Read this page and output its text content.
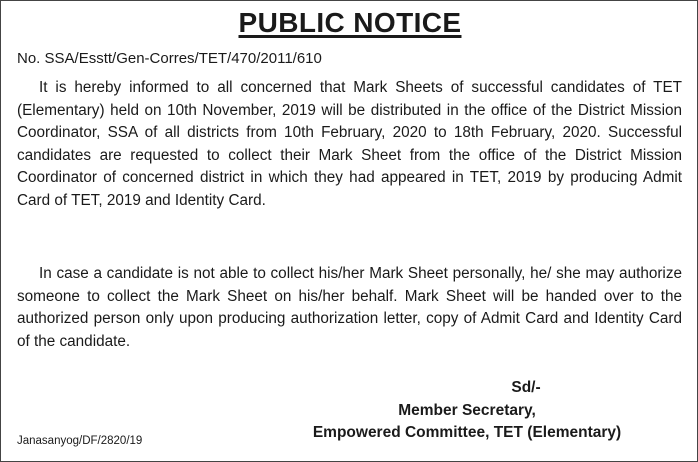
PUBLIC NOTICE
No. SSA/Esstt/Gen-Corres/TET/470/2011/610

It is hereby informed to all concerned that Mark Sheets of successful candidates of TET (Elementary) held on 10th November, 2019 will be distributed in the office of the District Mission Coordinator, SSA of all districts from 10th February, 2020 to 18th February, 2020. Successful candidates are requested to collect their Mark Sheet from the office of the District Mission Coordinator of concerned district in which they had appeared in TET, 2019 by producing Admit Card of TET, 2019 and Identity Card.

In case a candidate is not able to collect his/her Mark Sheet personally, he/ she may authorize someone to collect the Mark Sheet on his/her behalf. Mark Sheet will be handed over to the authorized person only upon producing authorization letter, copy of Admit Card and Identity Card of the candidate.

Sd/-
Member Secretary,
Empowered Committee, TET (Elementary)
Janasanyog/DF/2820/19
